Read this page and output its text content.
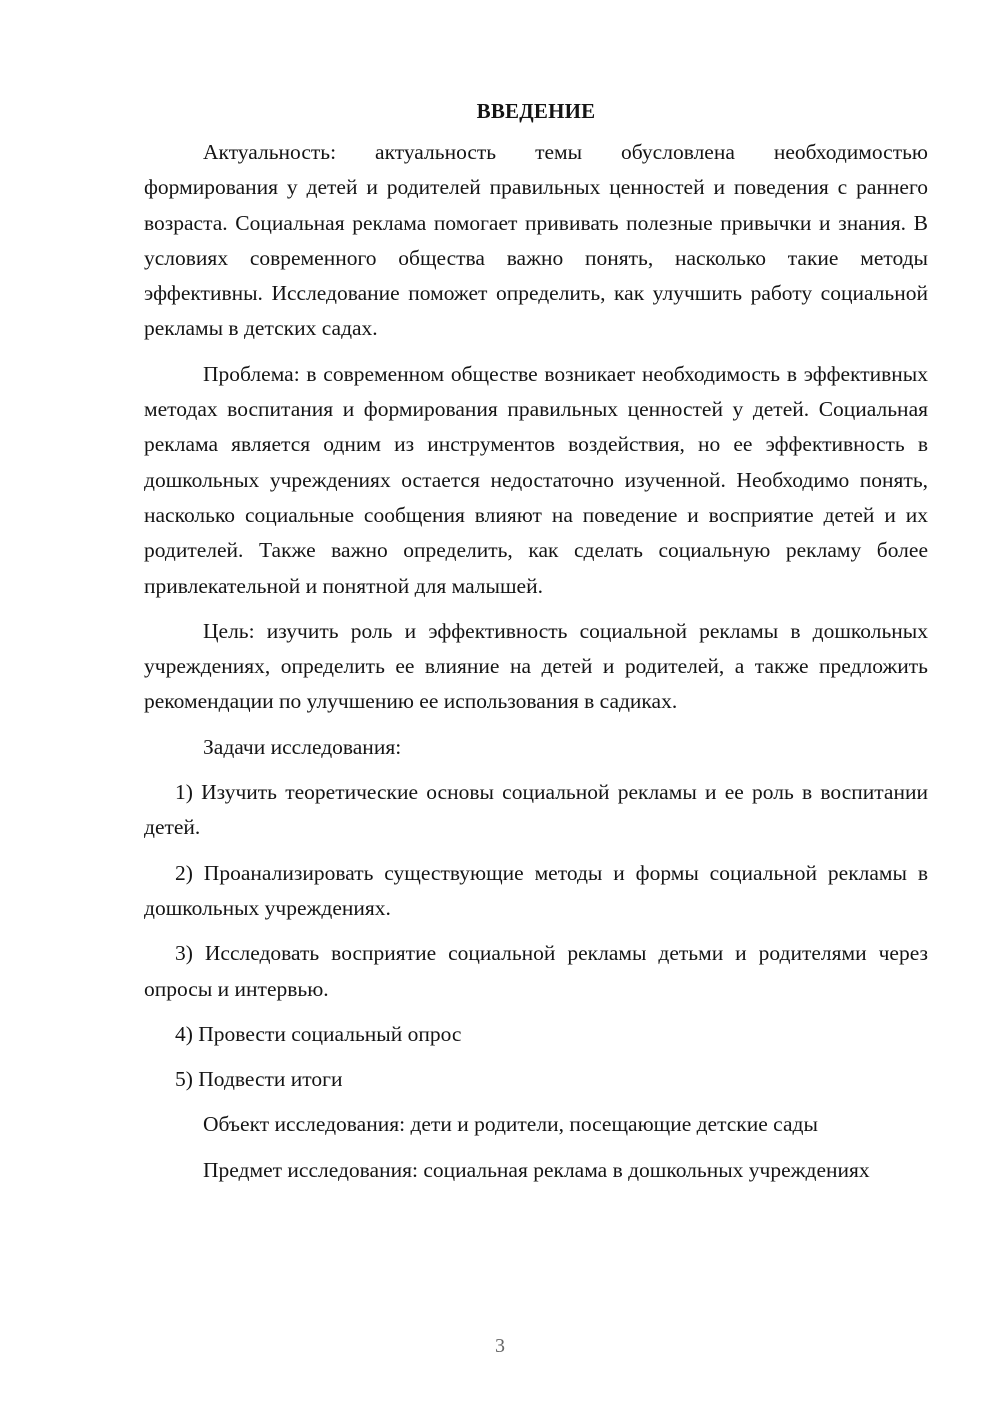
ВВЕДЕНИЕ

Актуальность: актуальность темы обусловлена необходимостью формирования у детей и родителей правильных ценностей и поведения с раннего возраста. Социальная реклама помогает прививать полезные привычки и знания. В условиях современного общества важно понять, насколько такие методы эффективны. Исследование поможет определить, как улучшить работу социальной рекламы в детских садах.

Проблема: в современном обществе возникает необходимость в эффективных методах воспитания и формирования правильных ценностей у детей. Социальная реклама является одним из инструментов воздействия, но ее эффективность в дошкольных учреждениях остается недостаточно изученной. Необходимо понять, насколько социальные сообщения влияют на поведение и восприятие детей и их родителей. Также важно определить, как сделать социальную рекламу более привлекательной и понятной для малышей.

Цель: изучить роль и эффективность социальной рекламы в дошкольных учреждениях, определить ее влияние на детей и родителей, а также предложить рекомендации по улучшению ее использования в садиках.

Задачи исследования:

1) Изучить теоретические основы социальной рекламы и ее роль в воспитании детей.

2) Проанализировать существующие методы и формы социальной рекламы в дошкольных учреждениях.

3) Исследовать восприятие социальной рекламы детьми и родителями через опросы и интервью.

4) Провести социальный опрос

5) Подвести итоги

Объект исследования: дети и родители, посещающие детские сады

Предмет исследования: социальная реклама в дошкольных учреждениях

3
